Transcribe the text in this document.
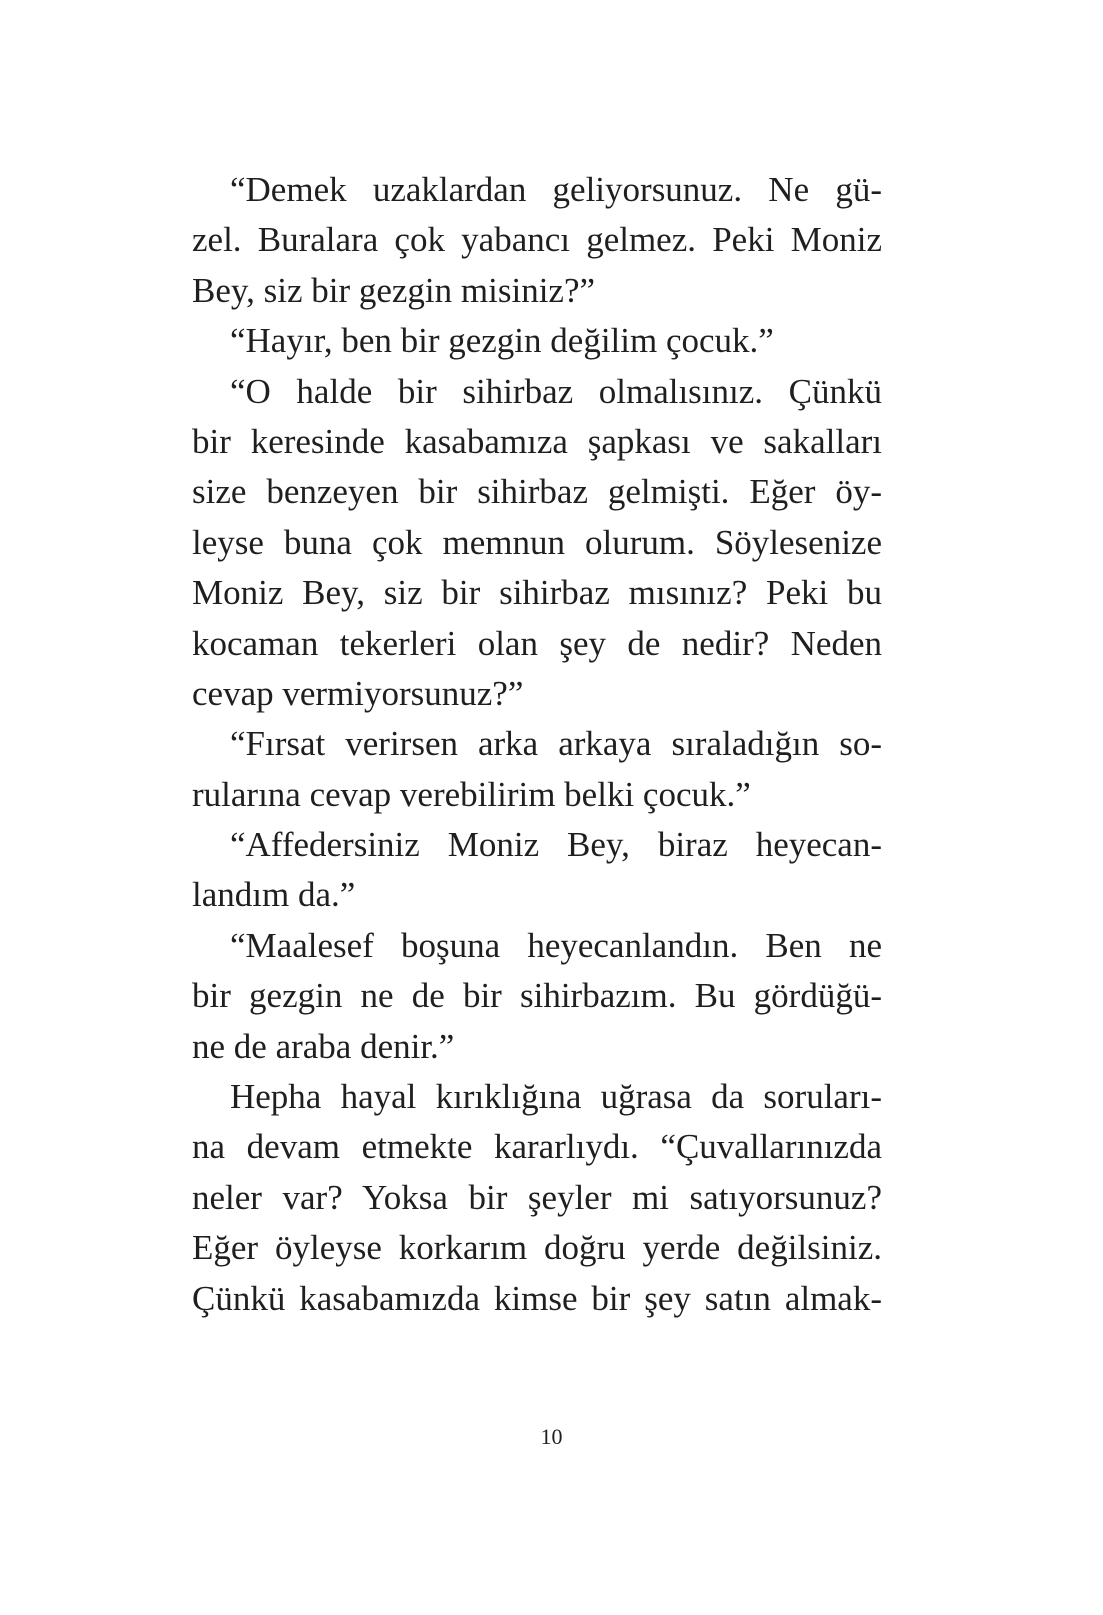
“Demek uzaklardan geliyorsunuz. Ne gü-
zel. Buralara çok yabancı gelmez. Peki Moniz
Bey, siz bir gezgin misiniz?”
“Hayır, ben bir gezgin değilim çocuk.”
“O halde bir sihirbaz olmalısınız. Çünkü
bir keresinde kasabamıza şapkası ve sakalları
size benzeyen bir sihirbaz gelmişti. Eğer öy-
leyse buna çok memnun olurum. Söylesenize
Moniz Bey, siz bir sihirbaz mısınız? Peki bu
kocaman tekerleri olan şey de nedir? Neden
cevap vermiyorsunuz?”
“Fırsat verirsen arka arkaya sıraladığın so-
rularına cevap verebilirim belki çocuk.”
“Affedersiniz Moniz Bey, biraz heyecan-
landım da.”
“Maalesef boşuna heyecanlandın. Ben ne
bir gezgin ne de bir sihirbazım. Bu gördüğü-
ne de araba denir.”
Hepha hayal kırıklığına uğrasa da soruları-
na devam etmekte kararlıydı. “Çuvallarınızda
neler var? Yoksa bir şeyler mi satıyorsunuz?
Eğer öyleyse korkarım doğru yerde değilsiniz.
Çünkü kasabamızda kimse bir şey satın almak-
10
